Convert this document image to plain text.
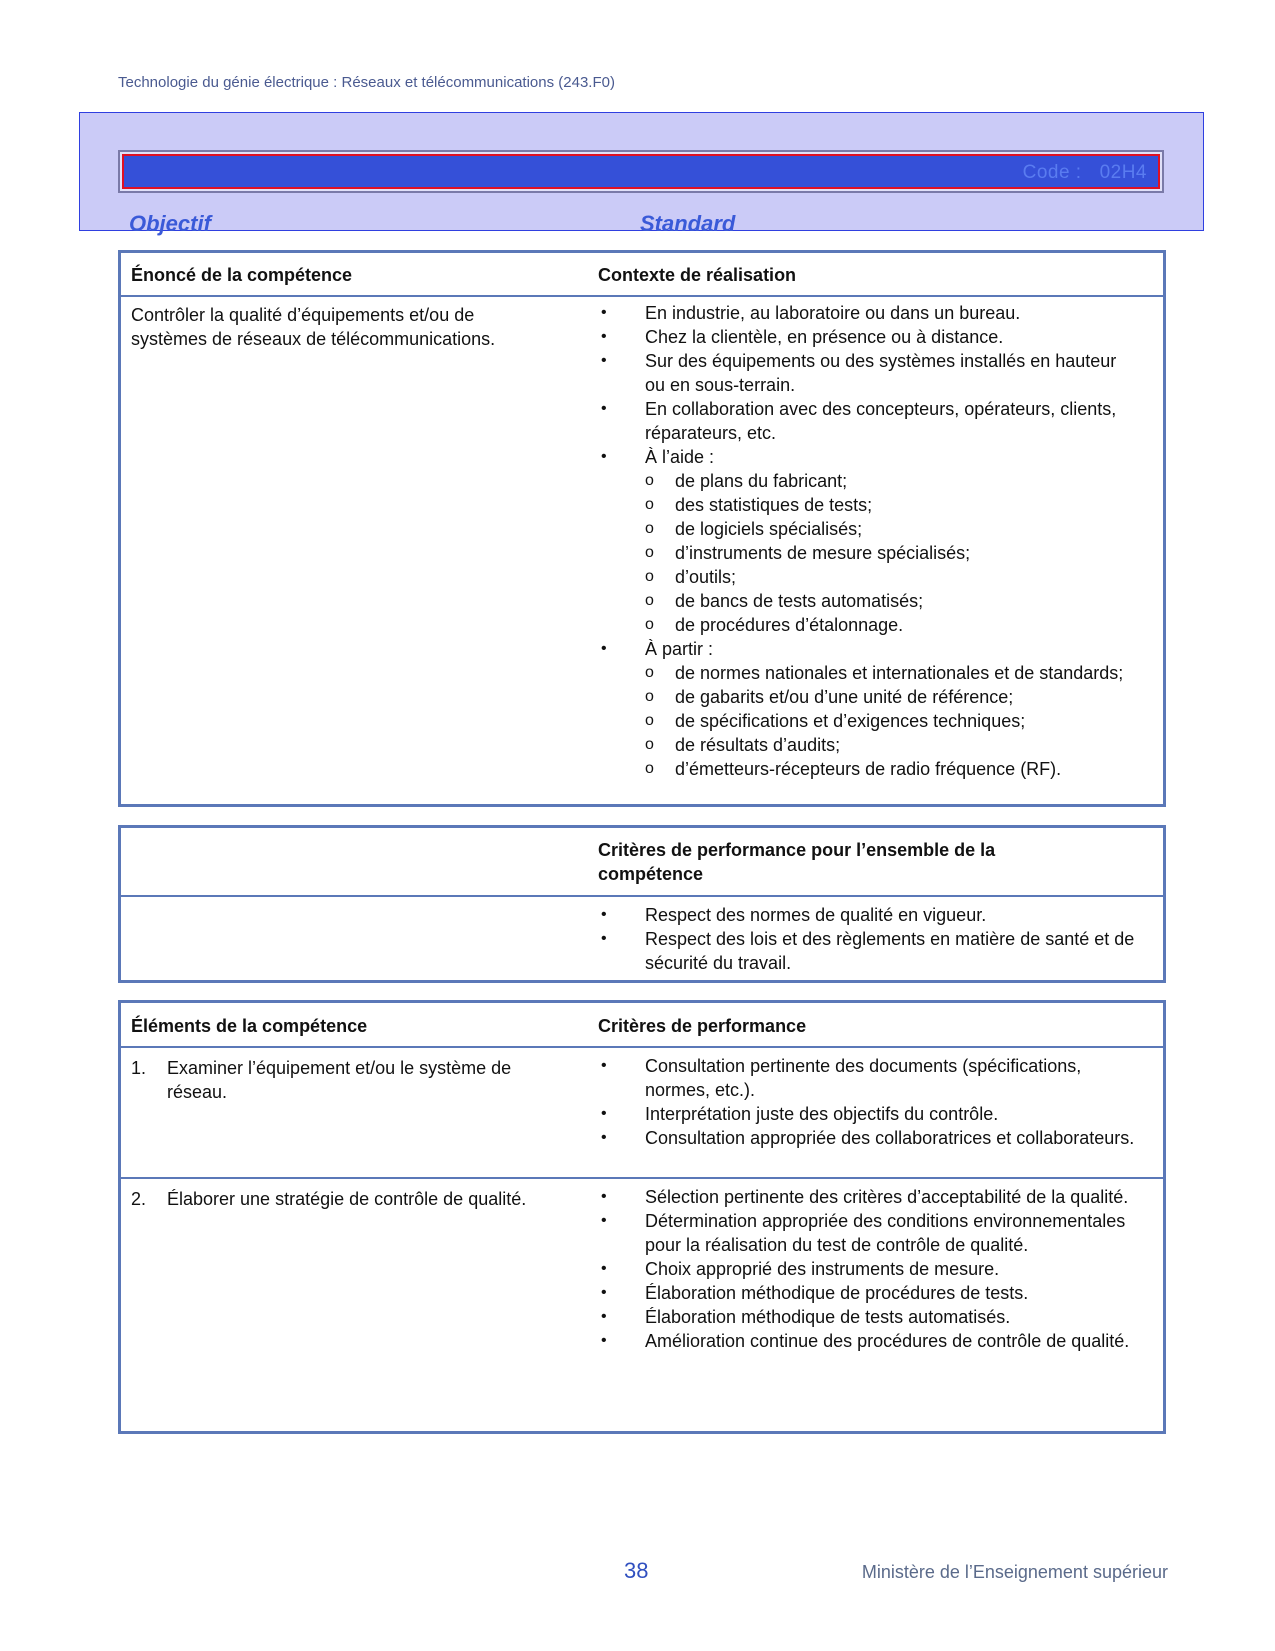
Technologie du génie électrique : Réseaux et télécommunications (243.F0)
Code : 02H4
Objectif	Standard
Énoncé de la compétence	Contexte de réalisation
Contrôler la qualité d’équipements et/ou de
systèmes de réseaux de télécommunications.
• En industrie, au laboratoire ou dans un bureau.
• Chez la clientèle, en présence ou à distance.
• Sur des équipements ou des systèmes installés en hauteur ou en sous-terrain.
• En collaboration avec des concepteurs, opérateurs, clients, réparateurs, etc.
• À l’aide :
o de plans du fabricant;
o des statistiques de tests;
o de logiciels spécialisés;
o d’instruments de mesure spécialisés;
o d’outils;
o de bancs de tests automatisés;
o de procédures d’étalonnage.
• À partir :
o de normes nationales et internationales et de standards;
o de gabarits et/ou d’une unité de référence;
o de spécifications et d’exigences techniques;
o de résultats d’audits;
o d’émetteurs-récepteurs de radio fréquence (RF).
Critères de performance pour l’ensemble de la compétence
• Respect des normes de qualité en vigueur.
• Respect des lois et des règlements en matière de santé et de sécurité du travail.
Éléments de la compétence	Critères de performance
1. Examiner l’équipement et/ou le système de réseau.
• Consultation pertinente des documents (spécifications, normes, etc.).
• Interprétation juste des objectifs du contrôle.
• Consultation appropriée des collaboratrices et collaborateurs.
2. Élaborer une stratégie de contrôle de qualité.
•	Sélection pertinente des critères d’acceptabilité de la qualité.
• Détermination appropriée des conditions environnementales pour la réalisation du test de contrôle de qualité.
• Choix approprié des instruments de mesure.
• Élaboration méthodique de procédures de tests.
• Élaboration méthodique de tests automatisés.
• Amélioration continue des procédures de contrôle de qualité.
38	Ministère de l’Enseignement supérieur
